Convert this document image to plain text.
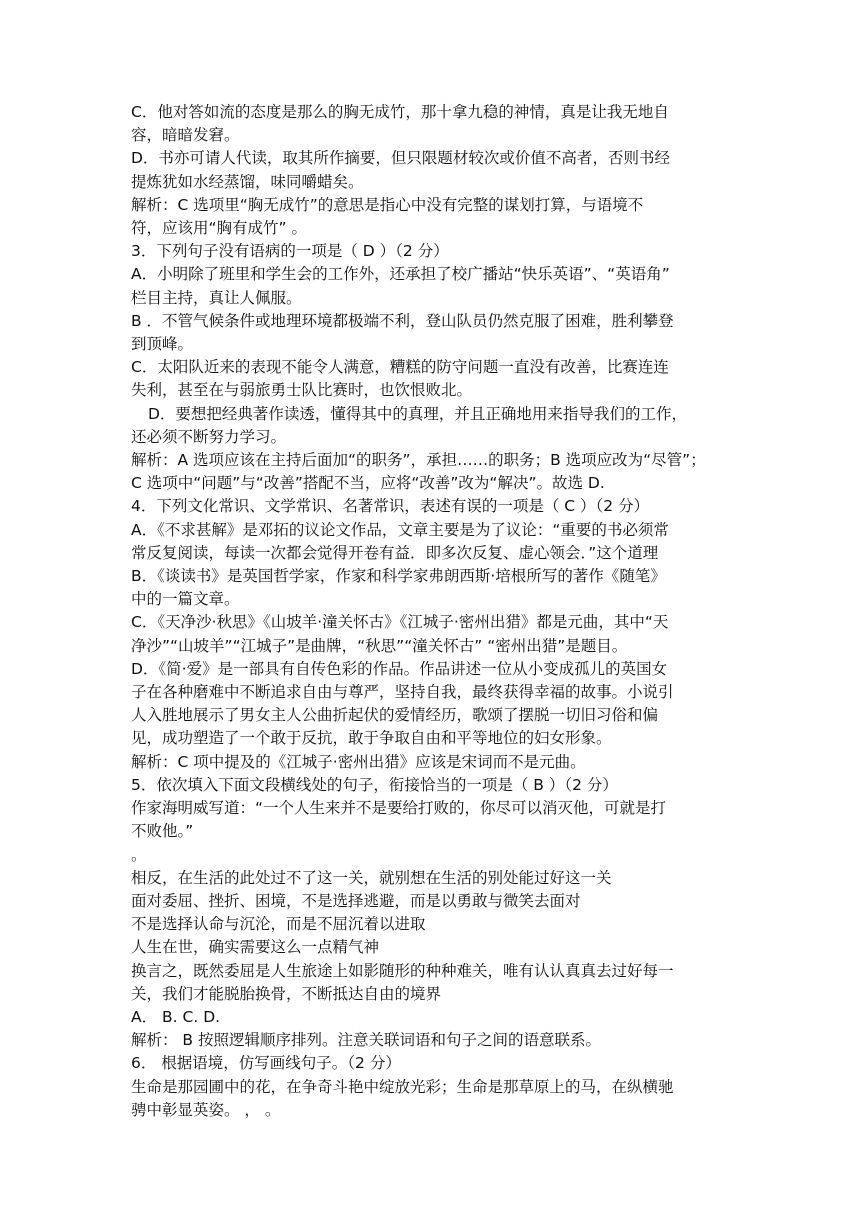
C．他对答如流的态度是那么的胸无成竹，那十拿九稳的神情，真是让我无地自
容，暗暗发窘。
D．书亦可请人代读，取其所作摘要，但只限题材较次或价值不高者，否则书经
提炼犹如水经蒸馏，味同嚼蜡矣。
解析：C 选项里“胸无成竹”的意思是指心中没有完整的谋划打算，与语境不
符，应该用“胸有成竹” 。
3．下列句子没有语病的一项是（ D ）（2 分）
A．小明除了班里和学生会的工作外，还承担了校广播站“快乐英语”、“英语角”
栏目主持，真让人佩服。
B ．不管气候条件或地理环境都极端不利，登山队员仍然克服了困难，胜利攀登
到顶峰。
C．太阳队近来的表现不能令人满意，糟糕的防守问题一直没有改善，比赛连连
失利，甚至在与弱旅勇士队比赛时，也饮恨败北。
D．要想把经典著作读透，懂得其中的真理，并且正确地用来指导我们的工作，
还必须不断努力学习。
解析：A 选项应该在主持后面加“的职务”，承担……的职务；B 选项应改为“尽管”；
C 选项中“问题”与“改善”搭配不当，应将“改善”改为“解决”。故选 D.
4．下列文化常识、文学常识、名著常识，表述有误的一项是（ C ）（2 分）
A．《不求甚解》是邓拓的议论文作品，文章主要是为了议论：“重要的书必须常
常反复阅读，每读一次都会觉得开卷有益．即多次反复、虚心领会．”这个道理
B．《谈读书》是英国哲学家，作家和科学家弗朗西斯·培根所写的著作《随笔》
中的一篇文章。
C．《天净沙·秋思》《山坡羊·潼关怀古》《江城子·密州出猎》都是元曲，其中“天
净沙”“山坡羊”“江城子”是曲牌，“秋思”“潼关怀古” “密州出猎”是题目。
D．《简·爱》是一部具有自传色彩的作品。作品讲述一位从小变成孤儿的英国女
子在各种磨难中不断追求自由与尊严，坚持自我，最终获得幸福的故事。小说引
人入胜地展示了男女主人公曲折起伏的爱情经历，歌颂了摆脱一切旧习俗和偏
见，成功塑造了一个敢于反抗，敢于争取自由和平等地位的妇女形象。
解析：C 项中提及的《江城子·密州出猎》应该是宋词而不是元曲。
5．依次填入下面文段横线处的句子，衔接恰当的一项是（ B ）（2 分）
作家海明威写道：“一个人生来并不是要给打败的，你尽可以消灭他，可就是打
不败他。”
。
相反，在生活的此处过不了这一关，就别想在生活的别处能过好这一关
面对委屈、挫折、困境，不是选择逃避，而是以勇敢与微笑去面对
不是选择认命与沉沦，而是不屈沉着以进取
人生在世，确实需要这么一点精气神
换言之，既然委屈是人生旅途上如影随形的种种难关，唯有认认真真去过好每一
关，我们才能脱胎换骨，不断抵达自由的境界
A． B. C. D.
解析： B 按照逻辑顺序排列。注意关联词语和句子之间的语意联系。
6． 根据语境，仿写画线句子。（2 分）
生命是那园圃中的花，在争奇斗艳中绽放光彩；生命是那草原上的马，在纵横驰
骋中彰显英姿。 ， 。
